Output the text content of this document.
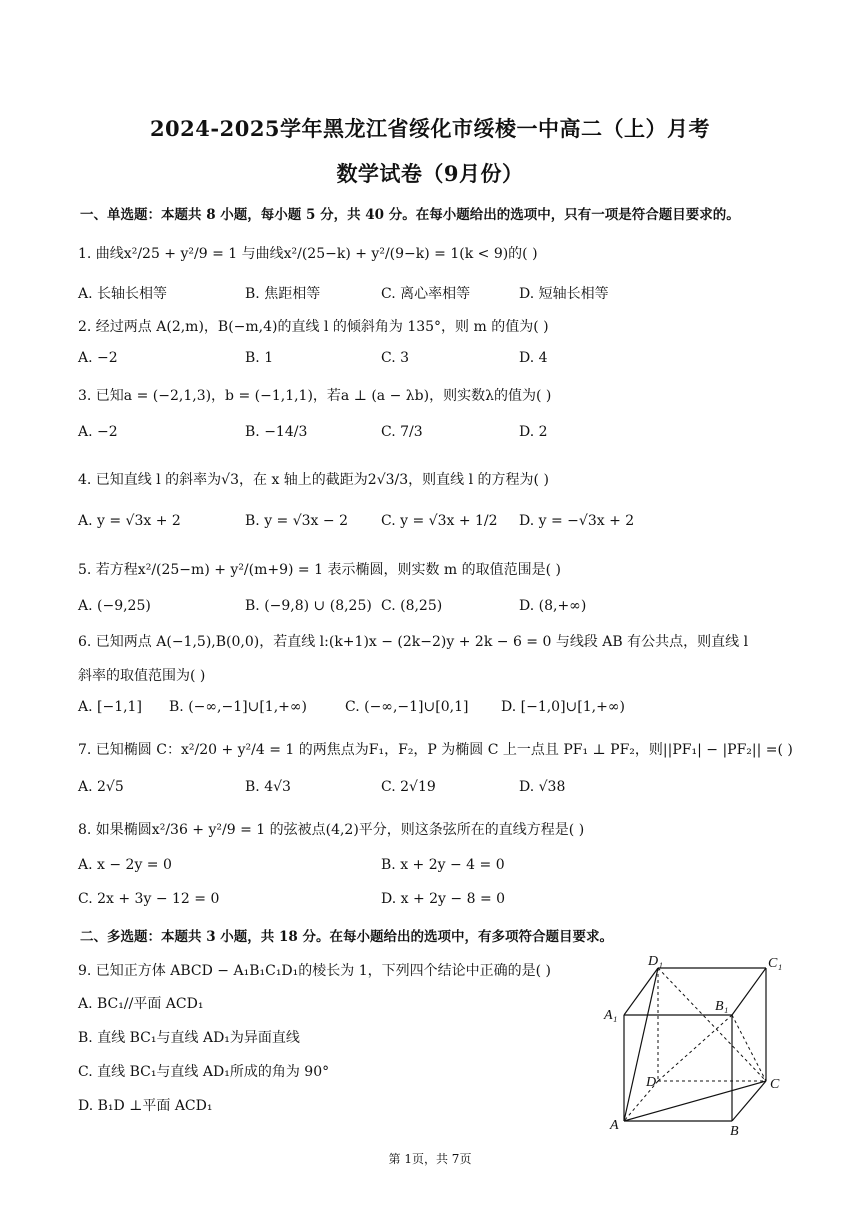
2024-2025学年黑龙江省绥化市绥棱一中高二（上）月考
数学试卷（9月份）
一、单选题：本题共 8 小题，每小题 5 分，共 40 分。在每小题给出的选项中，只有一项是符合题目要求的。
1. 曲线x²/25 + y²/9 = 1 与曲线x²/(25−k) + y²/(9−k) = 1(k < 9)的( )
A. 长轴长相等	B. 焦距相等	C. 离心率相等	D. 短轴长相等
2. 经过两点 A(2,m)，B(−m,4)的直线 l 的倾斜角为 135°，则 m 的值为( )
A. −2	B. 1	C. 3	D. 4
3. 已知a = (−2,1,3)，b = (−1,1,1)，若a ⊥ (a − λb)，则实数λ的值为( )
A. −2	B. −14/3	C. 7/3	D. 2
4. 已知直线 l 的斜率为√3，在 x 轴上的截距为2√3/3，则直线 l 的方程为( )
A. y = √3x + 2	B. y = √3x − 2 C. y = √3x + 1/2 D. y = −√3x + 2
5. 若方程x²/(25−m) + y²/(m+9) = 1 表示椭圆，则实数 m 的取值范围是( )
A. (−9,25)	B. (−9,8) ∪ (8,25) C. (8,25)	D. (8,+∞)
6. 已知两点 A(−1,5),B(0,0)，若直线 l:(k+1)x − (2k−2)y + 2k − 6 = 0 与线段 AB 有公共点，则直线 l
斜率的取值范围为( )
A. [−1,1] B. (−∞,−1]∪[1,+∞)	C. (−∞,−1]∪[0,1] D. [−1,0]∪[1,+∞)
7. 已知椭圆 C：x²/20 + y²/4 = 1 的两焦点为F₁，F₂，P 为椭圆 C 上一点且 PF₁ ⊥ PF₂，则||PF₁| − |PF₂|| =( )
A. 2√5	B. 4√3	C. 2√19	D. √38
8. 如果椭圆x²/36 + y²/9 = 1 的弦被点(4,2)平分，则这条弦所在的直线方程是( )
A. x − 2y = 0	B. x + 2y − 4 = 0
C. 2x + 3y − 12 = 0	D. x + 2y − 8 = 0
二、多选题：本题共 3 小题，共 18 分。在每小题给出的选项中，有多项符合题目要求。
9. 已知正方体 ABCD − A₁B₁C₁D₁的棱长为 1，下列四个结论中正确的是( )
A. BC₁//平面 ACD₁
B. 直线 BC₁与直线 AD₁为异面直线
C. 直线 BC₁与直线 AD₁所成的角为 90°
D. B₁D ⊥平面 ACD₁
D₁	C₁
A₁
B₁
D	C
A	B
第 1页，共 7页
